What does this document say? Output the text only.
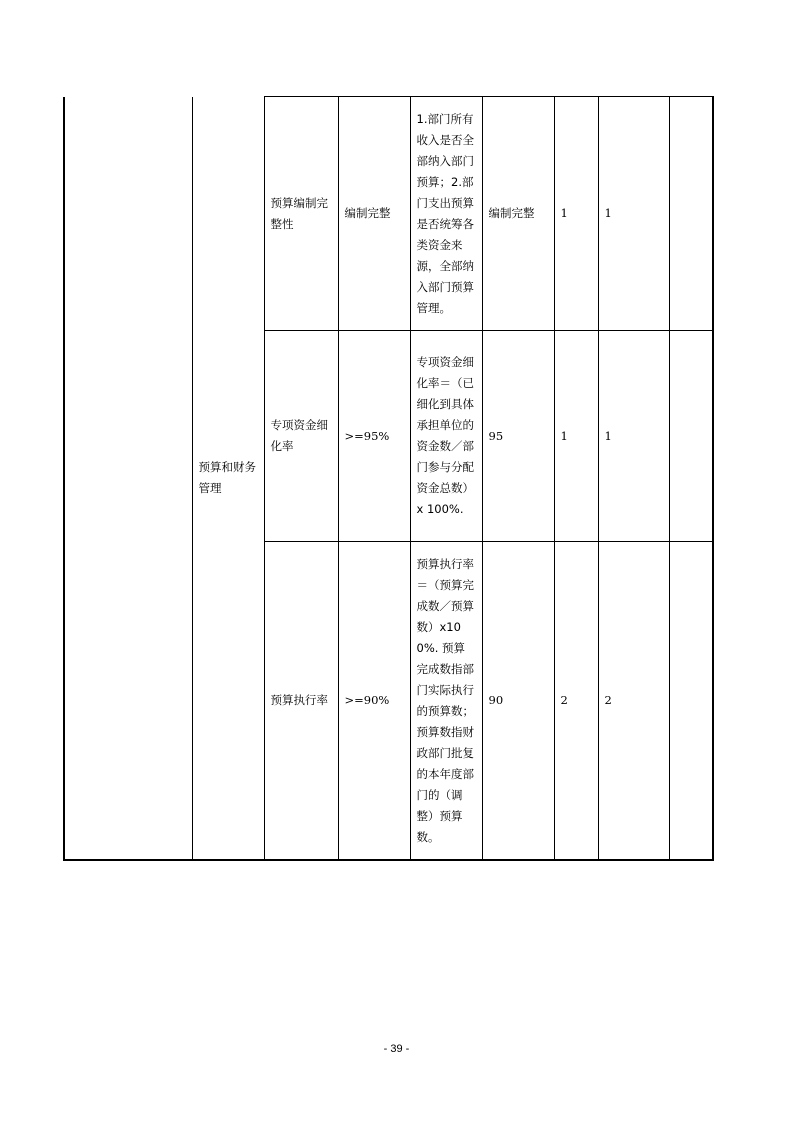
	预算和财务管理	预算编制完整性	编制完整	1.部门所有收入是否全部纳入部门预算；2.部门支出预算是否统筹各类资金来源，全部纳入部门预算管理。	编制完整	1	1	
		专项资金细化率	>=95%	专项资金细化率＝（已细化到具体承担单位的资金数／部门参与分配资金总数）x 100%.	95	1	1	
		预算执行率	>=90%	预算执行率＝（预算完成数／预算数）x100%. 预算完成数指部门实际执行的预算数；预算数指财政部门批复的本年度部门的（调整）预算 数。	90	2	2	
- 39 -
